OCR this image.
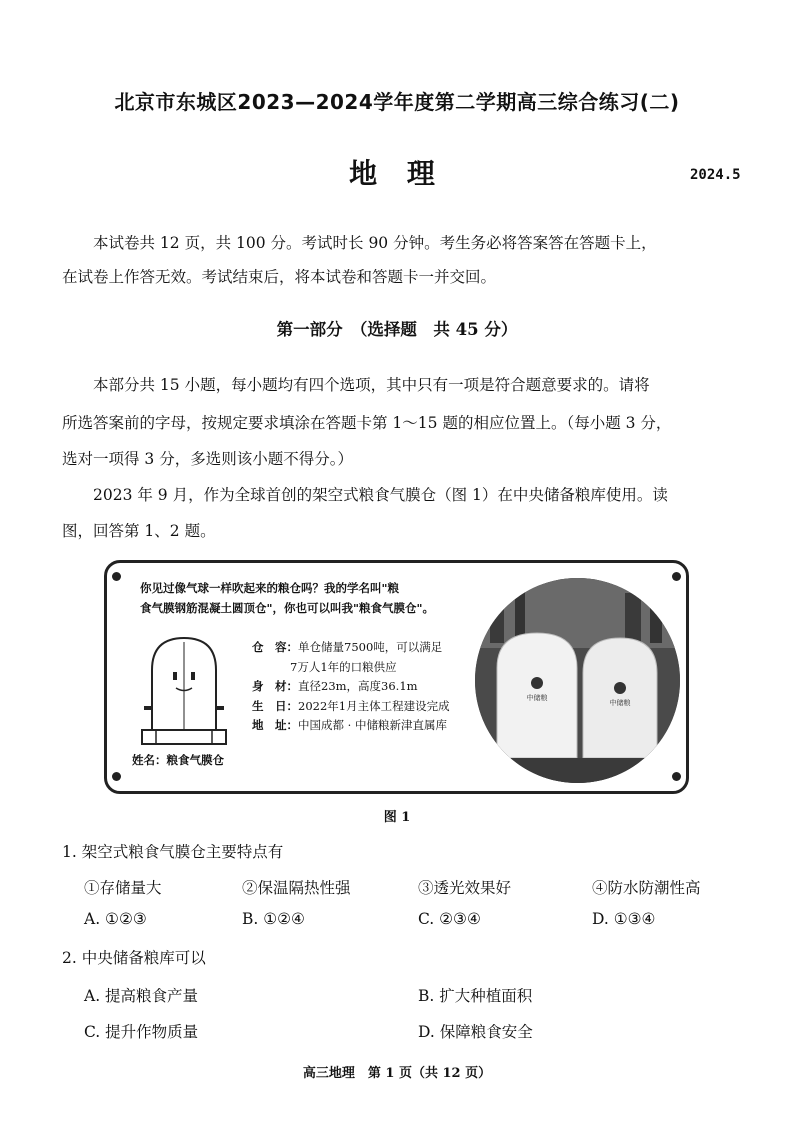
北京市东城区2023—2024学年度第二学期高三综合练习(二)
地 理	2024.5
本试卷共 12 页，共 100 分。考试时长 90 分钟。考生务必将答案答在答题卡上，
在试卷上作答无效。考试结束后，将本试卷和答题卡一并交回。
第一部分　（选择题　共 45 分）
本部分共 15 小题，每小题均有四个选项，其中只有一项是符合题意要求的。请将
所选答案前的字母，按规定要求填涂在答题卡第 1～15 题的相应位置上。（每小题 3 分，
选对一项得 3 分，多选则该小题不得分。）
2023 年 9 月，作为全球首创的架空式粮食气膜仓（图 1）在中央储备粮库使用。读
图，回答第 1、2 题。
你见过像气球一样吹起来的粮仓吗？我的学名叫"粮
食气膜钢筋混凝土圆顶仓"，你也可以叫我"粮食气膜仓"。
姓名：粮食气膜仓
仓　容：单仓储量7500吨，可以满足
7万人1年的口粮供应
身　材：直径23m，高度36.1m
生　日：2022年1月主体工程建设完成
地　址：中国成都 · 中储粮新津直属库
中储粮
中储粮
图 1
1. 架空式粮食气膜仓主要特点有
①存储量大	②保温隔热性强	③透光效果好	④防水防潮性高
A. ①②③	B. ①②④	C. ②③④	D. ①③④
2. 中央储备粮库可以
A. 提高粮食产量	B. 扩大种植面积
C. 提升作物质量	D. 保障粮食安全
高三地理　第 1 页（共 12 页）
